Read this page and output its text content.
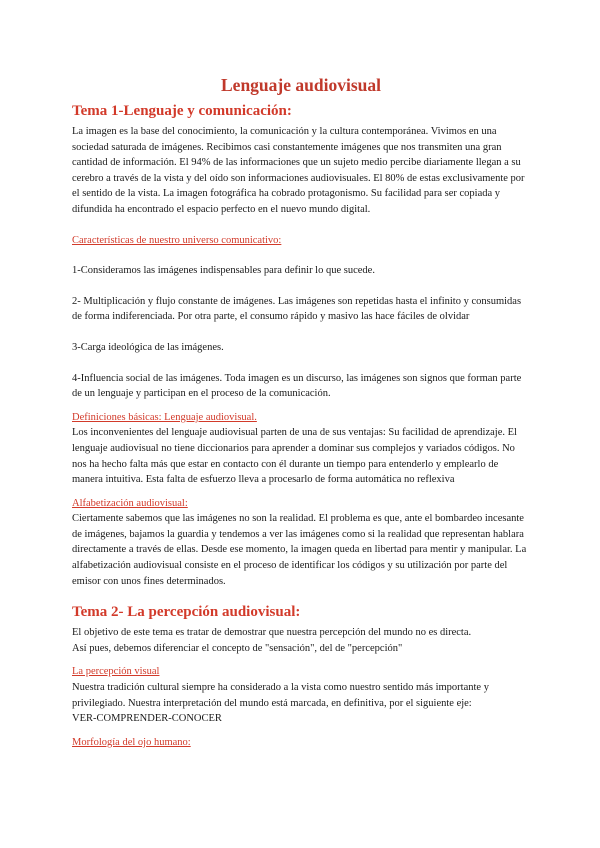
Lenguaje audiovisual
Tema 1-Lenguaje y comunicación:

La imagen es la base del conocimiento, la comunicación y la cultura contemporánea. Vivimos en una sociedad saturada de imágenes. Recibimos casi constantemente imágenes que nos transmiten una gran cantidad de información. El 94% de las informaciones que un sujeto medio percibe diariamente llegan a su cerebro a través de la vista y del oído son informaciones audiovisuales. El 80% de estas exclusivamente por el sentido de la vista. La imagen fotográfica ha cobrado protagonismo. Su facilidad para ser copiada y difundida ha encontrado el espacio perfecto en el nuevo mundo digital.

Características de nuestro universo comunicativo:

1-Consideramos las imágenes indispensables para definir lo que sucede.

2- Multiplicación y flujo constante de imágenes. Las imágenes son repetidas hasta el infinito y consumidas de forma indiferenciada. Por otra parte, el consumo rápido y masivo las hace fáciles de olvidar

3-Carga ideológica de las imágenes.

4-Influencia social de las imágenes. Toda imagen es un discurso, las imágenes son signos que forman parte de un lenguaje y participan en el proceso de la comunicación.

Definiciones básicas: Lenguaje audiovisual.

Los inconvenientes del lenguaje audiovisual parten de una de sus ventajas: Su facilidad de aprendizaje. El lenguaje audiovisual no tiene diccionarios para aprender a dominar sus complejos y variados códigos. No nos ha hecho falta más que estar en contacto con él durante un tiempo para entenderlo y emplearlo de manera intuitiva. Esta falta de esfuerzo lleva a procesarlo de forma automática no reflexiva

Alfabetización audiovisual:

Ciertamente sabemos que las imágenes no son la realidad. El problema es que, ante el bombardeo incesante de imágenes, bajamos la guardia y tendemos a ver las imágenes como si la realidad que representan hablara directamente a través de ellas. Desde ese momento, la imagen queda en libertad para mentir y manipular. La alfabetización audiovisual consiste en el proceso de identificar los códigos y su utilización por parte del emisor con unos fines determinados.

Tema 2- La percepción audiovisual:

El objetivo de este tema es tratar de demostrar que nuestra percepción del mundo no es directa.

Así pues, debemos diferenciar el concepto de "sensación", del de "percepción"

La percepción visual

Nuestra tradición cultural siempre ha considerado a la vista como nuestro sentido más importante y privilegiado. Nuestra interpretación del mundo está marcada, en definitiva, por el siguiente eje:

VER-COMPRENDER-CONOCER

Morfología del ojo humano:
